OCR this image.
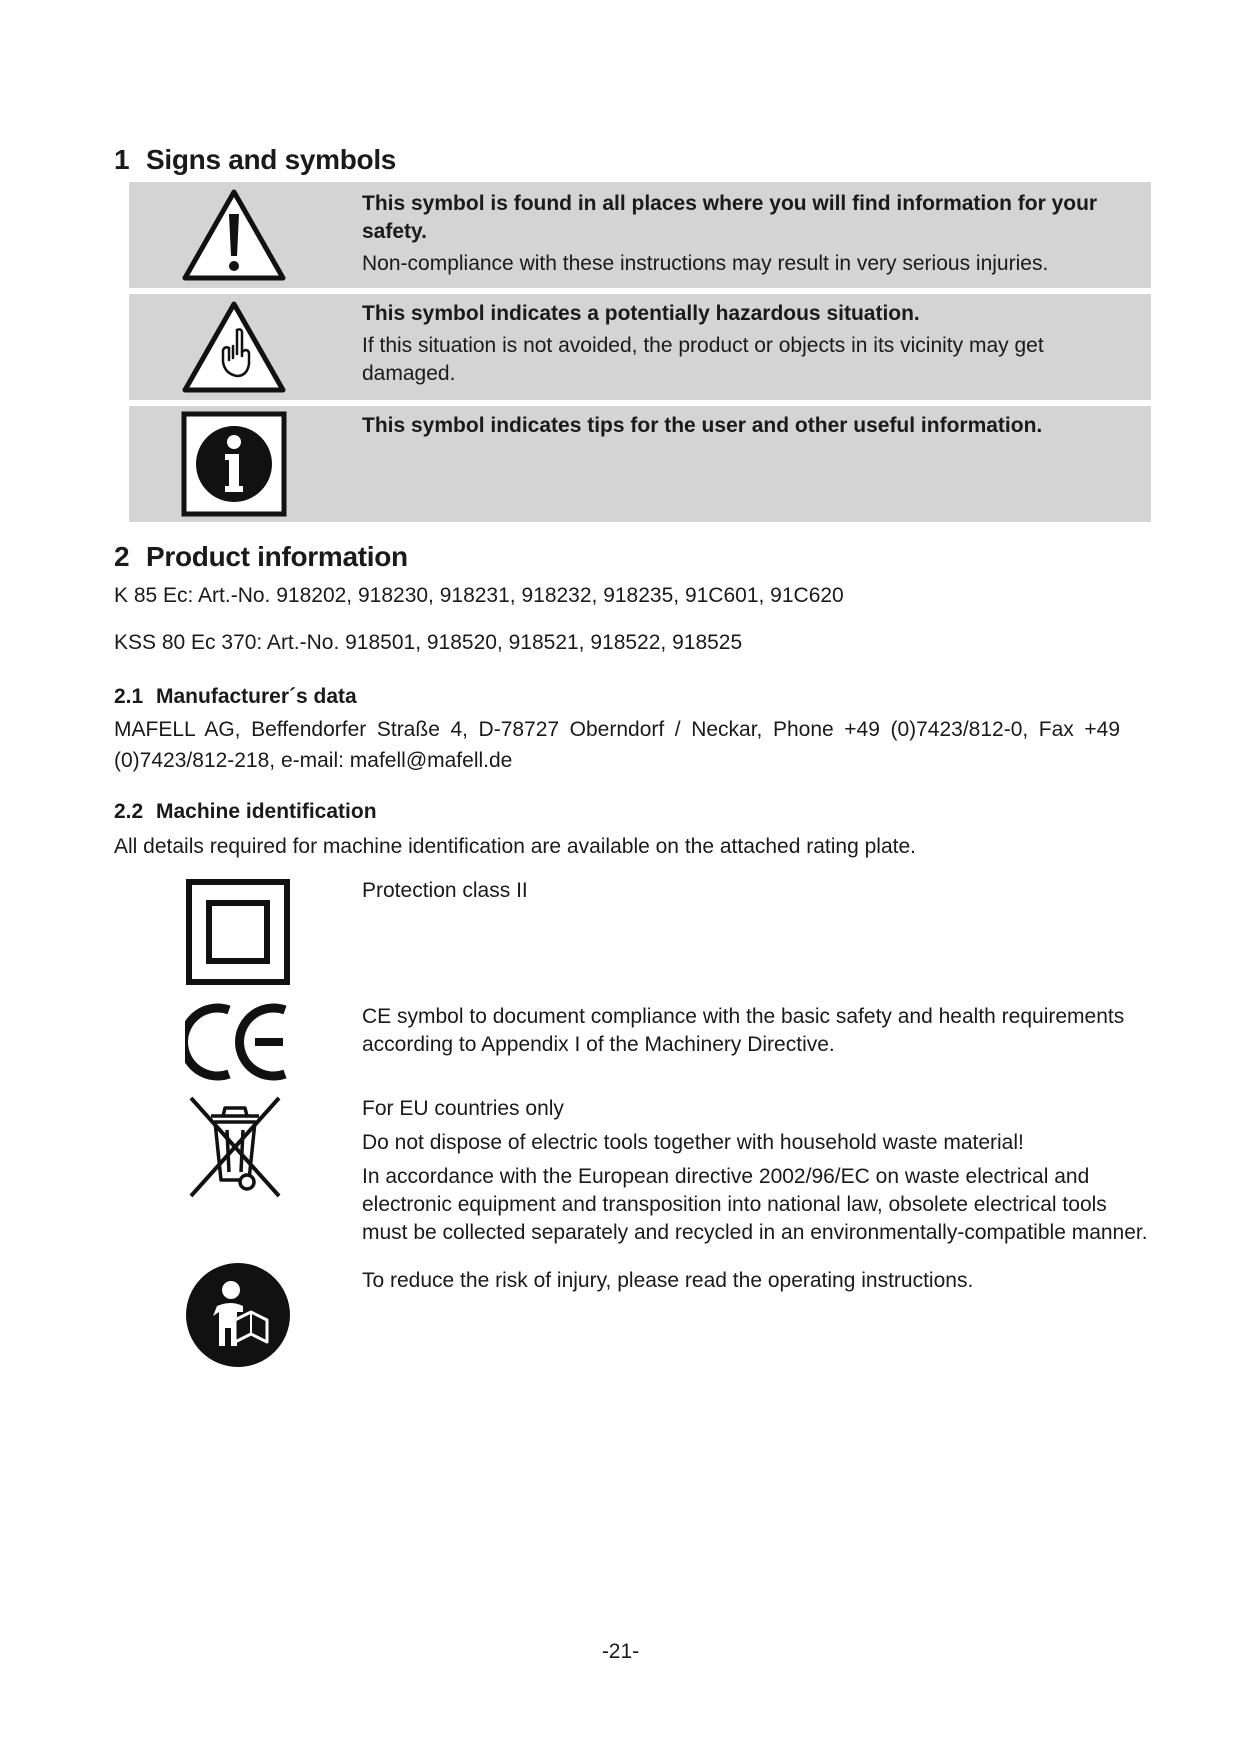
1 Signs and symbols
This symbol is found in all places where you will find information for your safety.
Non-compliance with these instructions may result in very serious injuries.
This symbol indicates a potentially hazardous situation.
If this situation is not avoided, the product or objects in its vicinity may get damaged.
This symbol indicates tips for the user and other useful information.
2 Product information

K 85 Ec: Art.-No. 918202, 918230, 918231, 918232, 918235, 91C601, 91C620

KSS 80 Ec 370: Art.-No. 918501, 918520, 918521, 918522, 918525

2.1 Manufacturer´s data

MAFELL AG, Beffendorfer Straße 4, D-78727 Oberndorf / Neckar, Phone +49 (0)7423/812-0, Fax +49

(0)7423/812-218, e-mail: mafell@mafell.de

2.2 Machine identification

All details required for machine identification are available on the attached rating plate.

Protection class II

CE symbol to document compliance with the basic safety and health requirements according to Appendix I of the Machinery Directive.

For EU countries only

Do not dispose of electric tools together with household waste material!

In accordance with the European directive 2002/96/EC on waste electrical and electronic equipment and transposition into national law, obsolete electrical tools must be collected separately and recycled in an environmentally-compatible manner.

To reduce the risk of injury, please read the operating instructions.

-21-
